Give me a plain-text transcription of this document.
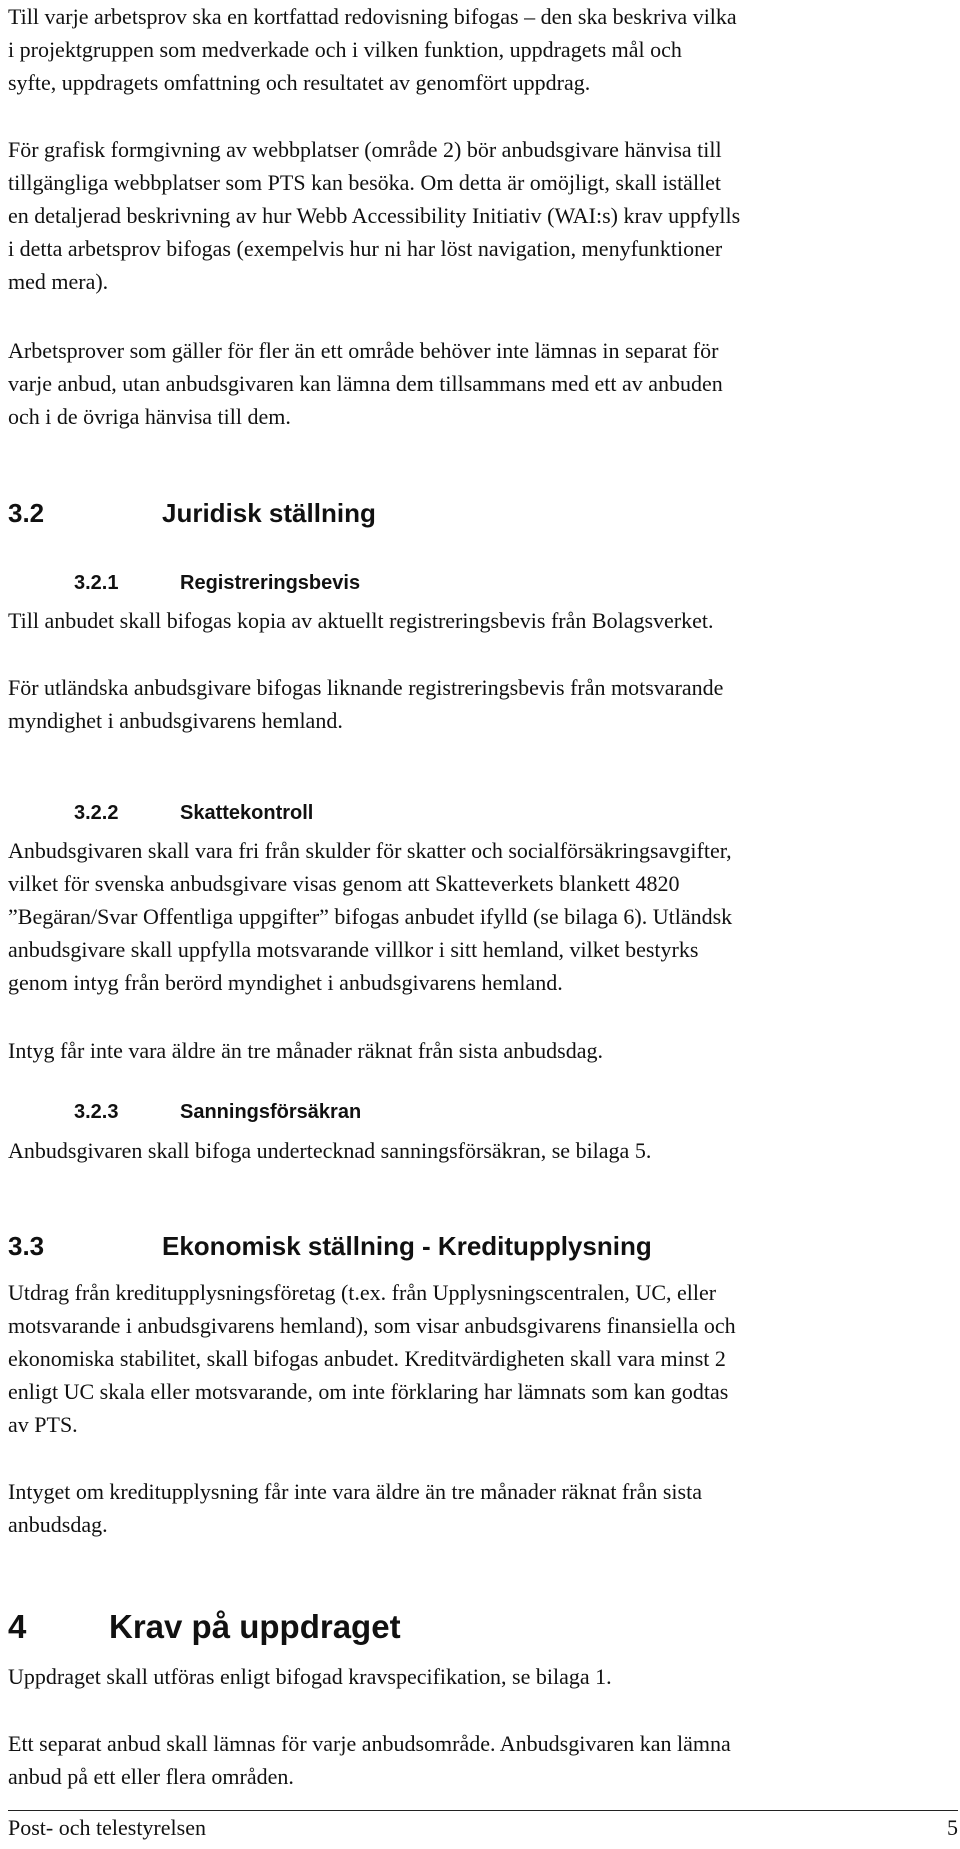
Till varje arbetsprov ska en kortfattad redovisning bifogas – den ska beskriva vilka
i projektgruppen som medverkade och i vilken funktion, uppdragets mål och
syfte, uppdragets omfattning och resultatet av genomfört uppdrag.

För grafisk formgivning av webbplatser (område 2) bör anbudsgivare hänvisa till
tillgängliga webbplatser som PTS kan besöka. Om detta är omöjligt, skall istället
en detaljerad beskrivning av hur Webb Accessibility Initiativ (WAI:s) krav uppfylls
i detta arbetsprov bifogas (exempelvis hur ni har löst navigation, menyfunktioner
med mera).

Arbetsprover som gäller för fler än ett område behöver inte lämnas in separat för
varje anbud, utan anbudsgivaren kan lämna dem tillsammans med ett av anbuden
och i de övriga hänvisa till dem.

3.2	Juridisk ställning
3.2.1	Registreringsbevis

Till anbudet skall bifogas kopia av aktuellt registreringsbevis från Bolagsverket.

För utländska anbudsgivare bifogas liknande registreringsbevis från motsvarande
myndighet i anbudsgivarens hemland.

3.2.2	Skattekontroll

Anbudsgivaren skall vara fri från skulder för skatter och socialförsäkringsavgifter,
vilket för svenska anbudsgivare visas genom att Skatteverkets blankett 4820
”Begäran/Svar Offentliga uppgifter” bifogas anbudet ifylld (se bilaga 6). Utländsk
anbudsgivare skall uppfylla motsvarande villkor i sitt hemland, vilket bestyrks
genom intyg från berörd myndighet i anbudsgivarens hemland.

Intyg får inte vara äldre än tre månader räknat från sista anbudsdag.

3.2.3	Sanningsförsäkran

Anbudsgivaren skall bifoga undertecknad sanningsförsäkran, se bilaga 5.

3.3	Ekonomisk ställning - Kreditupplysning

Utdrag från kreditupplysningsföretag (t.ex. från Upplysningscentralen, UC, eller
motsvarande i anbudsgivarens hemland), som visar anbudsgivarens finansiella och
ekonomiska stabilitet, skall bifogas anbudet. Kreditvärdigheten skall vara minst 2
enligt UC skala eller motsvarande, om inte förklaring har lämnats som kan godtas
av PTS.

Intyget om kreditupplysning får inte vara äldre än tre månader räknat från sista
anbudsdag.

4	Krav på uppdraget

Uppdraget skall utföras enligt bifogad kravspecifikation, se bilaga 1.

Ett separat anbud skall lämnas för varje anbudsområde. Anbudsgivaren kan lämna
anbud på ett eller flera områden.

Post- och telestyrelsen	5
